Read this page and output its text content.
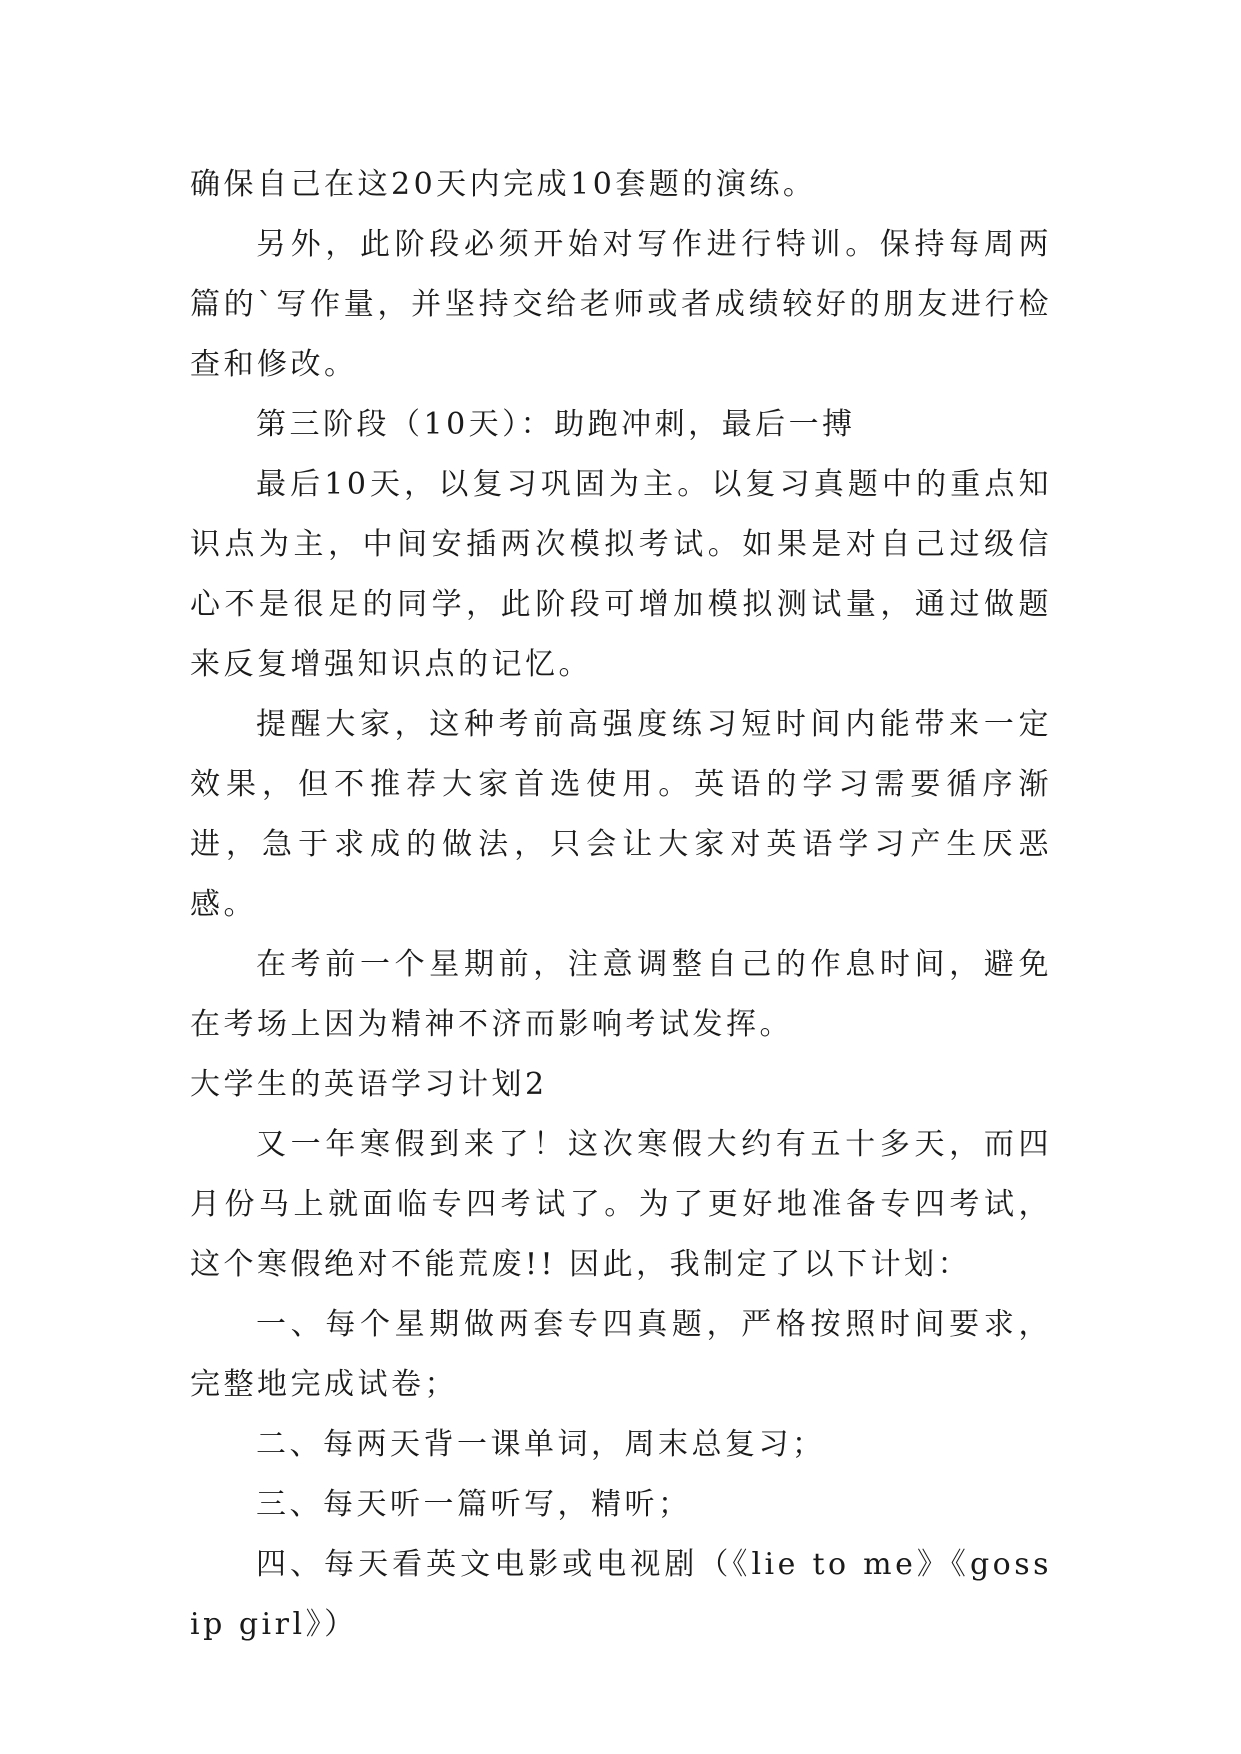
确保自己在这20天内完成10套题的演练。

另外，此阶段必须开始对写作进行特训。保持每周两篇的`写作量，并坚持交给老师或者成绩较好的朋友进行检查和修改。

第三阶段（10天）：助跑冲刺，最后一搏

最后10天，以复习巩固为主。以复习真题中的重点知识点为主，中间安插两次模拟考试。如果是对自己过级信心不是很足的同学，此阶段可增加模拟测试量，通过做题来反复增强知识点的记忆。

提醒大家，这种考前高强度练习短时间内能带来一定效果，但不推荐大家首选使用。英语的学习需要循序渐进，急于求成的做法，只会让大家对英语学习产生厌恶感。

在考前一个星期前，注意调整自己的作息时间，避免在考场上因为精神不济而影响考试发挥。

大学生的英语学习计划2

又一年寒假到来了！这次寒假大约有五十多天，而四月份马上就面临专四考试了。为了更好地准备专四考试，这个寒假绝对不能荒废!! 因此，我制定了以下计划：

一、每个星期做两套专四真题，严格按照时间要求，完整地完成试卷；

二、每两天背一课单词，周末总复习；

三、每天听一篇听写，精听；

四、每天看英文电影或电视剧（《lie to me》《gossip girl》）
